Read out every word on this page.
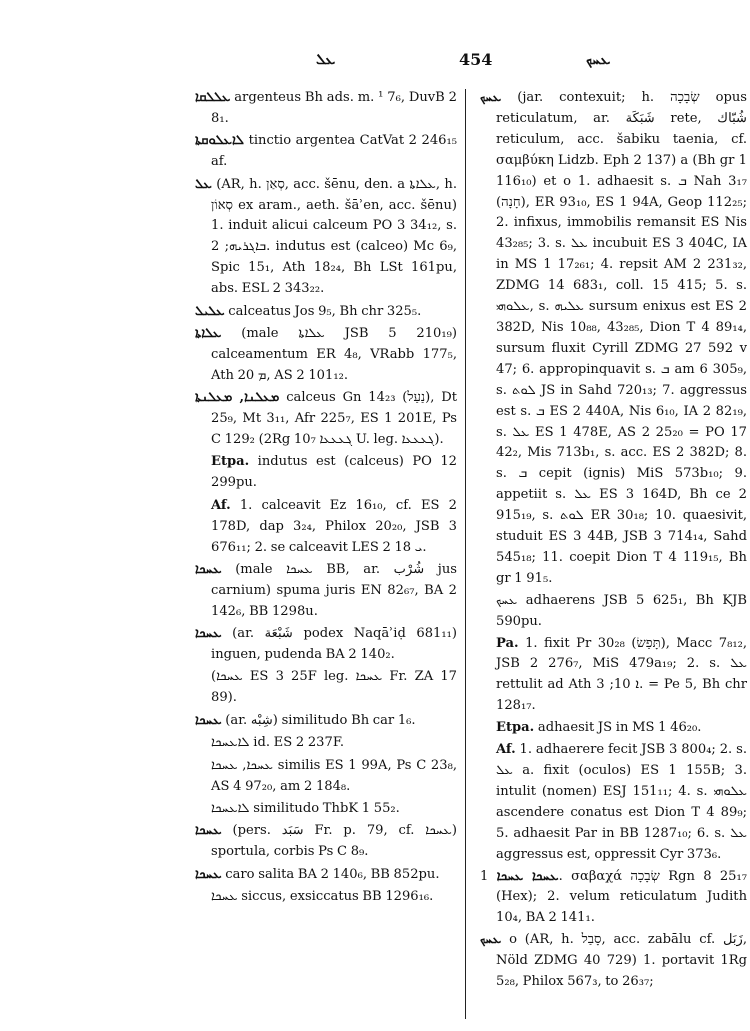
ܥܠ	454	ܥܚܟ
ܥܠܠܩܐ argenteus Bh ads. m. ¹ 7₆, DuvB 2 8₁.
ܠܐܥܠܘܩܬܐ tinctio argentea CatVat 2 246₁₅ af.
ܥܠ (AR, h. סְאַן, acc. šēnu, den. a ܥܠܐܬܐ, h. סְאוֹן ex aram., aeth. šāʾen, acc. šēnu) 1. induit alicui calceum PO 3 34₁₂, s. ܒܐܓܪܝܗ; 2. indutus est (calceo) Mc 6₉, Spic 15₁, Ath 18₂₄, Bh LSt 161pu, abs. ESL 2 343₂₂.
ܥܠܝܠ calceatus Jos 9₅, Bh chr 325₅.
ܥܠܐܬܐ (male ܥܠܐܬܐ JSB 5 210₁₉) calceamentum ER 4₈, VRabb 177₅, Ath ܡ 20, AS 2 101₁₂.
ܡܥܠܢܐ, ܡܥܠܢܬܐ calceus Gn 14₂₃ (נַעַל), Dt 25₉, Mt 3₁₁, Afr 225₇, ES 1 201E, Ps C 129₂ (2Rg 10₇ ܓܥܥܥܐ U. leg. ܓܥܥܥܐ).
Etpa. indutus est (calceus) PO 12 299pu.
Af. 1. calceavit Ez 16₁₀, cf. ES 2 178D, dap 3₂₄, Philox 20₂₀, JSB 3 676₁₁; 2. se calceavit LES 2 ܝ 18.
ܥܚܟܐ (male ܥܚܟܐ BB, ar. شُرْب jus carnium) spuma juris EN 82₆₇, BA 2 142₆, BB 1298u.
ܥܚܟܐ (ar. شَبْعَة podex Naqāʾiḍ 681₁₁) inguen, pudenda BA 2 140₂.
(ܥܚܟܐ ES 3 25F leg. ܥܚܟܐ Fr. ZA 17 89).
ܥܚܟܐ (ar. شِبْه) similitudo Bh car 1₆.
ܠܐܥܚܟܐ id. ES 2 237F.
ܥܚܟܐ, ܥܚܟܐ similis ES 1 99A, Ps C 23₈, AS 4 97₂₀, am 2 184₈.
ܠܐܥܚܟܐ similitudo ThbK 1 55₂.
ܥܚܟܐ (pers. سَبَد Fr. p. 79, cf. ܥܚܟܐ) sportula, corbis Ps C 8₉.
ܥܚܟܐ caro salita BA 2 140₆, BB 852pu.
ܥܚܟܐ siccus, exsiccatus BB 1296₁₆.
ܥܚܟ (jar. contexuit; h. שְׂבָכָה opus reticulatum, ar. شَبَكَة rete, شُبّاك reticulum, acc. šabiku taenia, cf. σαμβύκη Lidzb. Eph 2 137) a (Bh gr 1 116₁₀) et o 1. adhaesit s. ܒ Nah 3₁₇ (חָנָה), ER 93₁₀, ES 1 94A, Geop 112₂₅; 2. infixus, immobilis remansit ES Nis 43₂₈₅; 3. s. ܥܠ incubuit ES 3 404C, IA in MS 1 17₂₆₁; 4. repsit AM 2 231₃₂, ZDMG 14 683₁, coll. 15 415; 5. s. ܥܠܘܗܝ, s. ܥܠܝܗ sursum enixus est ES 2 382D, Nis 10₈₈, 43₂₈₅, Dion T 4 89₁₄, sursum fluxit Cyrill ZDMG 27 592 v 47; 6. appropinquavit s. ܒ am 6 305₉, s. ܠܘܬ JS in Sahd 720₁₃; 7. aggressus est s. ܒ ES 2 440A, Nis 6₁₀, IA 2 82₁₉, s. ܥܠ ES 1 478E, AS 2 25₂₀ = PO 17 42₂, Mis 713b₁, s. acc. ES 2 382D; 8. s. ܒ cepit (ignis) MiS 573b₁₀; 9. appetiit s. ܥܠ ES 3 164D, Bh ce 2 915₁₉, s. ܠܘܬ ER 30₁₈; 10. quaesivit, studuit ES 3 44B, JSB 3 714₁₄, Sahd 545₁₈; 11. coepit Dion T 4 119₁₅, Bh gr 1 91₅.
ܥܚܟ adhaerens JSB 5 625₁, Bh KJB 590pu.
Pa. 1. fixit Pr 30₂₈ (תָּפַשׂ), Macc 7₈₁₂, JSB 2 276₇, MiS 479a₁₉; 2. s. ܥܠ rettulit ad Ath ܐ 10; 3. = Pe 5, Bh chr 128₁₇.
Etpa. adhaesit JS in MS 1 46₂₀.
Af. 1. adhaerere fecit JSB 3 800₄; 2. s. ܥܠ a. fixit (oculos) ES 1 155B; 3. intulit (nomen) ESJ 151₁₁; 4. s. ܥܠܘܗܝ ascendere conatus est Dion T 4 89₉; 5. adhaesit Par in BB 1287₁₀; 6. s. ܥܠ aggressus est, oppressit Cyr 373₆.
ܥܚܟܐ ܥܚܟܐ 1. σαβαχά שְׂבָכָה Rgn 8 25₁₇ (Hex); 2. velum reticulatum Judith 10₄, BA 2 141₁.
ܥܚܟ o (AR, h. סָבַל, acc. zabālu cf. زَبَل, Nöld ZDMG 40 729) 1. portavit 1Rg 5₂₈, Philox 567₃, to 26₃₇;
